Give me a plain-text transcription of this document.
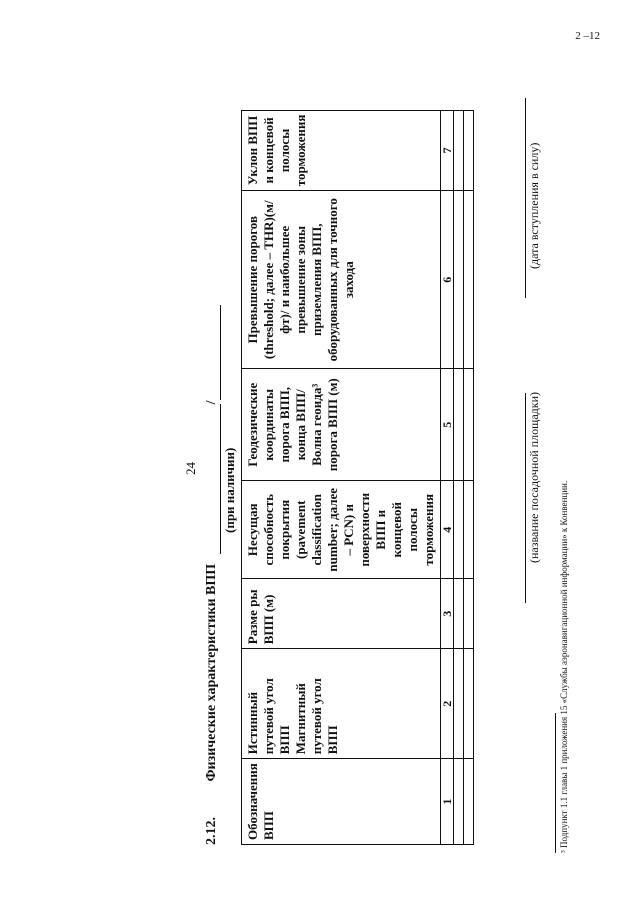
2 –12
24
2.12. Физические характеристики ВПП  /
(при наличии)
Обозначения ВПП	Истинный путевой угол ВПП Магнитный путевой угол ВПП	Разме ры ВПП (м)	Несущая способность покрытия (pavement classification number; далее – PCN) и поверхности ВПП и концевой полосы торможения	Геодезические координаты порога ВПП, конца ВПП/ Волна геоида³ порога ВПП (м)	Превышение порогов (threshold; далее – THR)(м/фт)/ и наибольшее превышение зоны приземления ВПП, оборудованных для точного захода	Уклон ВПП и концевой полосы торможения
1	2	3	4	5	6	7

(название посадочной площадки)
(дата вступления в силу)
³ Подпункт 1.1 главы 1 приложения 15 «Службы аэронавигационной информации» к Конвенции.
